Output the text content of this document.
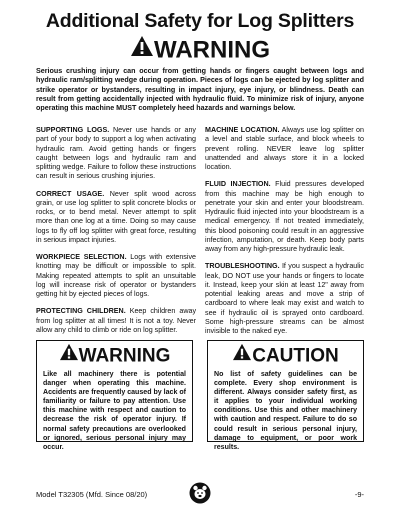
Additional Safety for Log Splitters
WARNING
Serious crushing injury can occur from getting hands or fingers caught between logs and hydraulic ram/splitting wedge during operation. Pieces of logs can be ejected by log splitter and strike operator or bystanders, resulting in impact injury, eye injury, or blindness. Death can result from getting accidentally injected with hydraulic fluid. To minimize risk of injury, anyone operating this machine MUST completely heed hazards and warnings below.

SUPPORTING LOGS. Never use hands or any part of your body to support a log when activating hydraulic ram. Avoid getting hands or fingers caught between logs and hydraulic ram and splitting wedge. Failure to follow these instructions can result in serious crushing injuries.

CORRECT USAGE. Never split wood across grain, or use log splitter to split concrete blocks or rocks, or to bend metal. Never attempt to split more than one log at a time. Doing so may cause logs to fly off log splitter with great force, resulting in serious impact injuries.

WORKPIECE SELECTION. Logs with extensive knotting may be difficult or impossible to split. Making repeated attempts to split an unsuitable log will increase risk of operator or bystanders getting hit by ejected pieces of logs.

PROTECTING CHILDREN. Keep children away from log splitter at all times! It is not a toy. Never allow any child to climb or ride on log splitter.

MACHINE LOCATION. Always use log splitter on a level and stable surface, and block wheels to prevent rolling. NEVER leave log splitter unattended and always store it in a locked location.

FLUID INJECTION. Fluid pressures developed from this machine may be high enough to penetrate your skin and enter your bloodstream. Hydraulic fluid injected into your bloodstream is a medical emergency. If not treated immediately, this blood poisoning could result in an aggressive infection, amputation, or death. Keep body parts away from any high-pressure hydraulic leak.

TROUBLESHOOTING. If you suspect a hydraulic leak, DO NOT use your hands or fingers to locate it. Instead, keep your skin at least 12" away from potential leaking areas and move a strip of cardboard to where leak may exist and watch to see if hydraulic oil is sprayed onto cardboard. Some high-pressure streams can be almost invisible to the naked eye.

WARNING
Like all machinery there is potential danger when operating this machine. Accidents are frequently caused by lack of familiarity or failure to pay attention. Use this machine with respect and caution to decrease the risk of operator injury. If normal safety precautions are overlooked or ignored, serious personal injury may occur.
CAUTION
No list of safety guidelines can be complete. Every shop environment is different. Always consider safety first, as it applies to your individual working conditions. Use this and other machinery with caution and respect. Failure to do so could result in serious personal injury, damage to equipment, or poor work results.
Model T32305 (Mfd. Since 08/20)	-9-
